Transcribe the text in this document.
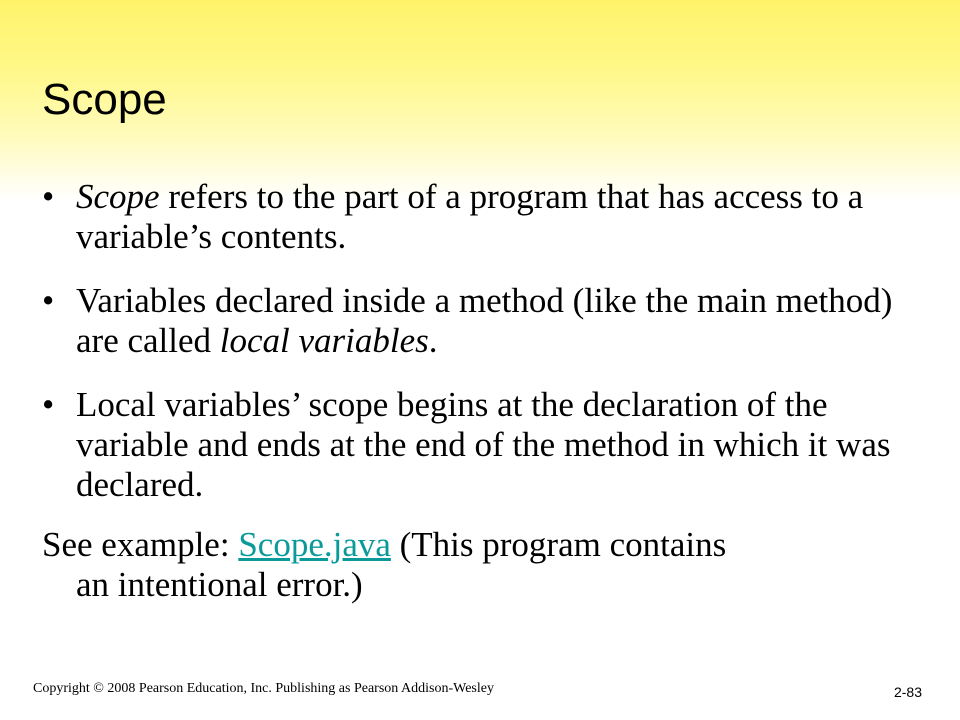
Scope
• Scope refers to the part of a program that has access to a variable’s contents.
• Variables declared inside a method (like the main method) are called local variables.
• Local variables’ scope begins at the declaration of the variable and ends at the end of the method in which it was declared.
See example: Scope.java (This program contains
an intentional error.)
Copyright © 2008 Pearson Education, Inc. Publishing as Pearson Addison-Wesley	2-83
